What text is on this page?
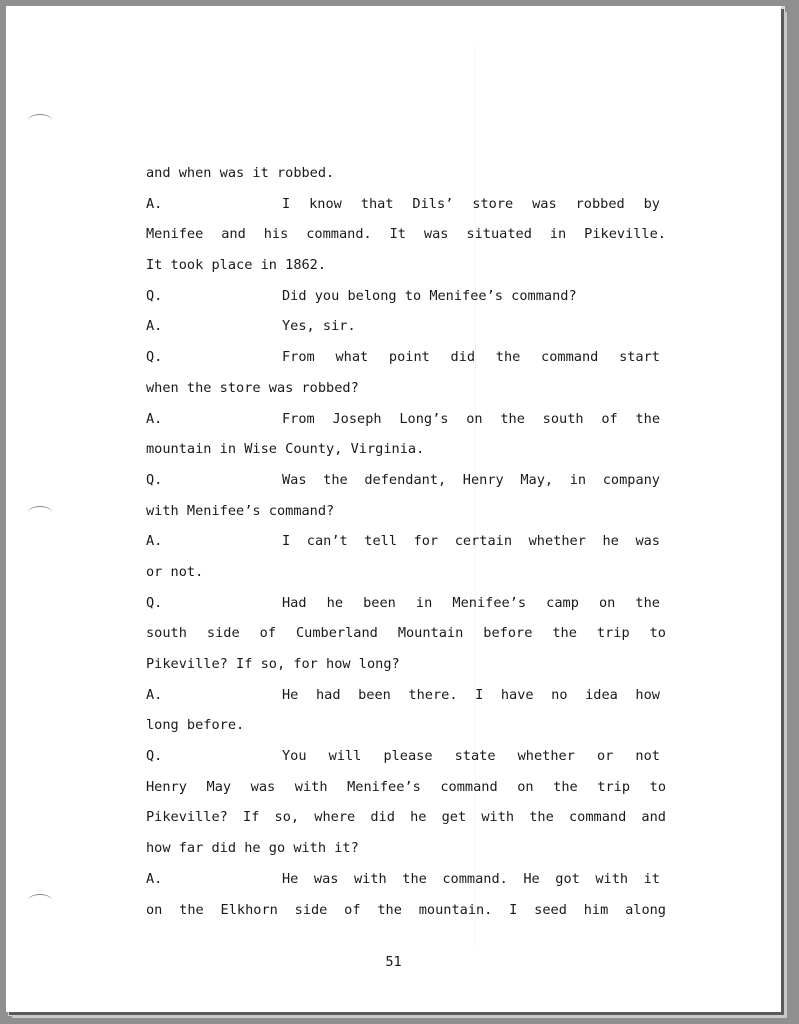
and when was it robbed.
A.	I know that Dils’ store was robbed by
Menifee and his command. It was situated in Pikeville.
It took place in 1862.
Q.	Did you belong to Menifee’s command?
A.	Yes, sir.
Q.	From what point did the command start
when the store was robbed?
A.	From Joseph Long’s on the south of the
mountain in Wise County, Virginia.
Q.	Was the defendant, Henry May, in company
with Menifee’s command?
A.	I can’t tell for certain whether he was
or not.
Q.	Had he been in Menifee’s camp on the
south side of Cumberland Mountain before the trip to
Pikeville? If so, for how long?
A.	He had been there. I have no idea how
long before.
Q.	You will please state whether or not
Henry May was with Menifee’s command on the trip to
Pikeville? If so, where did he get with the command and
how far did he go with it?
A.	He was with the command. He got with it
on the Elkhorn side of the mountain. I seed him along
51
